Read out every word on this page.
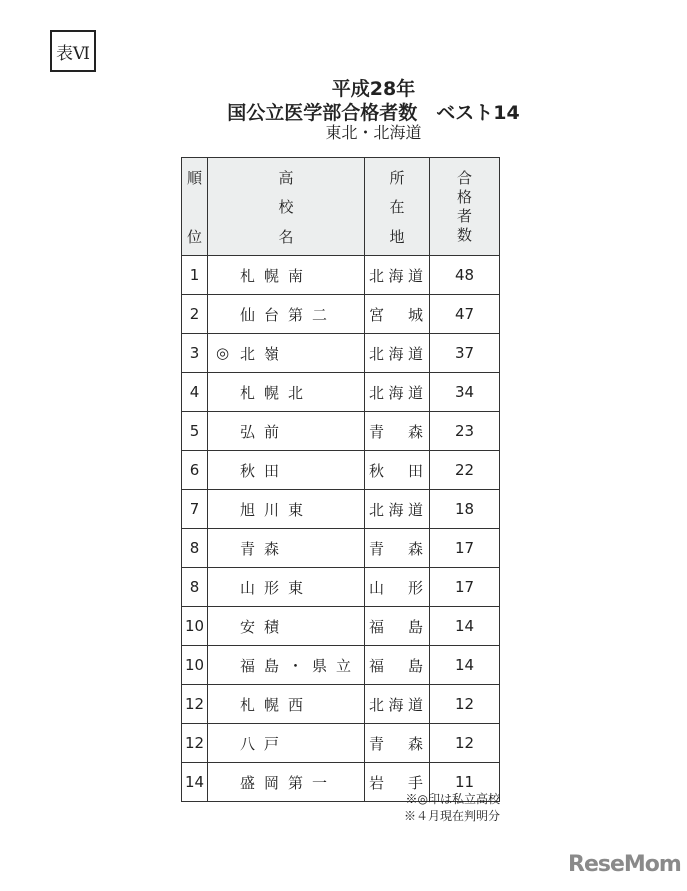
表Ⅵ
平成28年
国公立医学部合格者数　ベスト14
東北・北海道
順
位	高
校
名	所
在
地	合
格
者
数

1	札幌南	北 海 道	48
2	仙台第二	宮 城	47
3	◎ 北嶺	北 海 道	37
4	札幌北	北 海 道	34
5	弘前	青 森	23
6	秋田	秋 田	22
7	旭川東	北 海 道	18
8	青森	青 森	17
8	山形東	山 形	17
10	安積	福 島	14
10	福島・県立	福 島	14
12	札幌西	北 海 道	12
12	八戸	青 森	12
14	盛岡第一	岩 手	11
※◎印は私立高校
※４月現在判明分
ReseMom
